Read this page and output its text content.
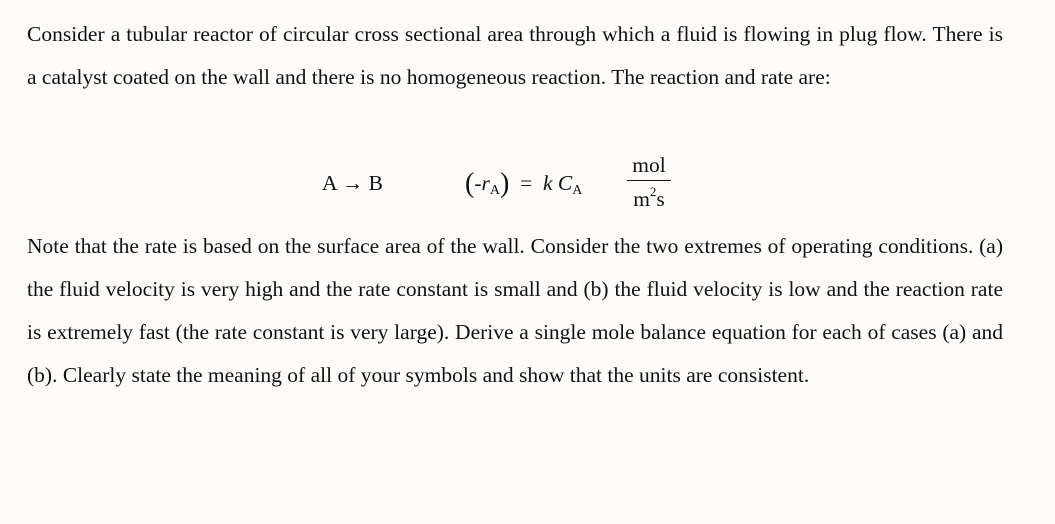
Consider a tubular reactor of circular cross sectional area through which a fluid is flowing in plug flow. There is a catalyst coated on the wall and there is no homogeneous reaction. The reaction and rate are:

A → B	$(-r_A) = k$ $C_A$
mol
$m^2s$

Note that the rate is based on the surface area of the wall. Consider the two extremes of operating conditions. (a) the fluid velocity is very high and the rate constant is small and (b) the fluid velocity is low and the reaction rate is extremely fast (the rate constant is very large). Derive a single mole balance equation for each of cases (a) and (b). Clearly state the meaning of all of your symbols and show that the units are consistent.
